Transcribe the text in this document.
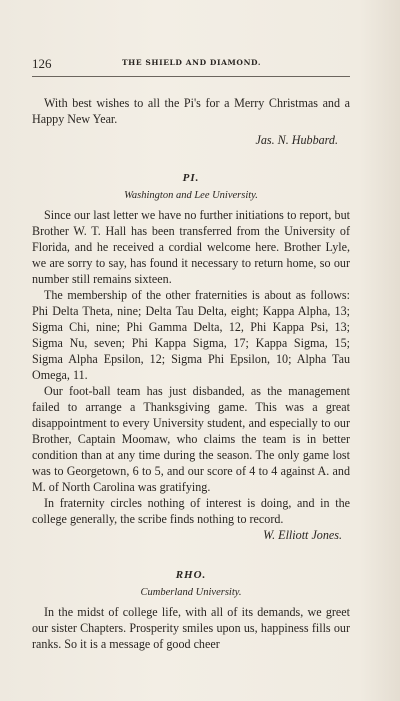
126	THE SHIELD AND DIAMOND.

With best wishes to all the Pi's for a Merry Christmas and a Happy New Year.

Jas. N. Hubbard.

PI.
Washington and Lee University.

Since our last letter we have no further initiations to report, but Brother W. T. Hall has been transferred from the University of Florida, and he received a cordial welcome here. Brother Lyle, we are sorry to say, has found it necessary to return home, so our number still remains sixteen.

The membership of the other fraternities is about as follows: Phi Delta Theta, nine; Delta Tau Delta, eight; Kappa Alpha, 13; Sigma Chi, nine; Phi Gamma Delta, 12, Phi Kappa Psi, 13; Sigma Nu, seven; Phi Kappa Sigma, 17; Kappa Sigma, 15; Sigma Alpha Epsilon, 12; Sigma Phi Epsilon, 10; Alpha Tau Omega, 11.

Our foot-ball team has just disbanded, as the management failed to arrange a Thanksgiving game. This was a great disappointment to every University student, and especially to our Brother, Captain Moomaw, who claims the team is in better condition than at any time during the season. The only game lost was to Georgetown, 6 to 5, and our score of 4 to 4 against A. and M. of North Carolina was gratifying.

In fraternity circles nothing of interest is doing, and in the college generally, the scribe finds nothing to record.

W. Elliott Jones.

RHO.
Cumberland University.

In the midst of college life, with all of its demands, we greet our sister Chapters. Prosperity smiles upon us, happiness fills our ranks. So it is a message of good cheer
